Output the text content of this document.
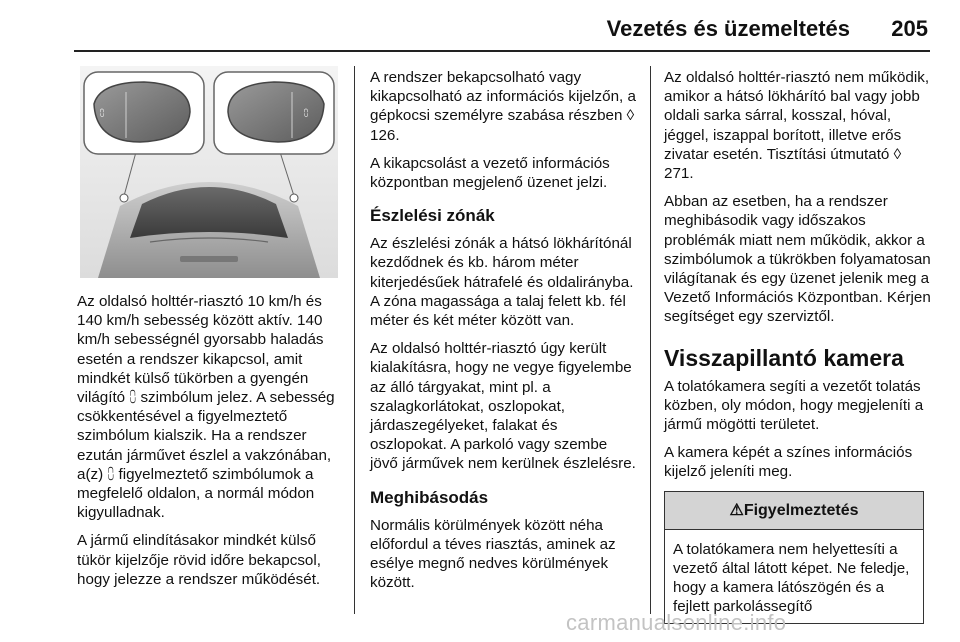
Vezetés és üzemeltetés	205
⩇	⩇

Az oldalsó holttér-riasztó 10 km/h és 140 km/h sebesség között aktív. 140 km/h sebességnél gyorsabb haladás esetén a rendszer kikapcsol, amit mindkét külső tükörben a gyengén világító ⩇ szimbólum jelez. A sebesség csökkentésével a figyelmeztető szimbólum kialszik. Ha a rendszer ezután járművet észlel a vakzónában, a(z) ⩇ figyelmeztető szimbólumok a megfelelő oldalon, a normál módon kigyulladnak.

A jármű elindításakor mindkét külső tükör kijelzője rövid időre bekapcsol, hogy jelezze a rendszer működését.

A rendszer bekapcsolható vagy kikapcsolható az információs kijelzőn, a gépkocsi személyre szabása részben ◊ 126.

A kikapcsolást a vezető információs központban megjelenő üzenet jelzi.

Észlelési zónák

Az észlelési zónák a hátsó lökhárítónál kezdődnek és kb. három méter kiterjedésűek hátrafelé és oldalirányba. A zóna magassága a talaj felett kb. fél méter és két méter között van.

Az oldalsó holttér-riasztó úgy került kialakításra, hogy ne vegye figyelembe az álló tárgyakat, mint pl. a szalagkorlátokat, oszlopokat, járdaszegélyeket, falakat és oszlopokat. A parkoló vagy szembe jövő járművek nem kerülnek észlelésre.

Meghibásodás

Normális körülmények között néha előfordul a téves riasztás, aminek az esélye megnő nedves körülmények között.

Az oldalsó holttér-riasztó nem működik, amikor a hátsó lökhárító bal vagy jobb oldali sarka sárral, kosszal, hóval, jéggel, iszappal borított, illetve erős zivatar esetén. Tisztítási útmutató ◊ 271.

Abban az esetben, ha a rendszer meghibásodik vagy időszakos problémák miatt nem működik, akkor a szimbólumok a tükrökben folyamatosan világítanak és egy üzenet jelenik meg a Vezető Információs Központban. Kérjen segítséget egy szerviztől.

Visszapillantó kamera

A tolatókamera segíti a vezetőt tolatás közben, oly módon, hogy megjeleníti a jármű mögötti területet.

A kamera képét a színes információs kijelző jeleníti meg.

⚠Figyelmeztetés
A tolatókamera nem helyettesíti a vezető által látott képet. Ne feledje, hogy a kamera látószögén és a fejlett parkolássegítő
carmanualsonline.info
